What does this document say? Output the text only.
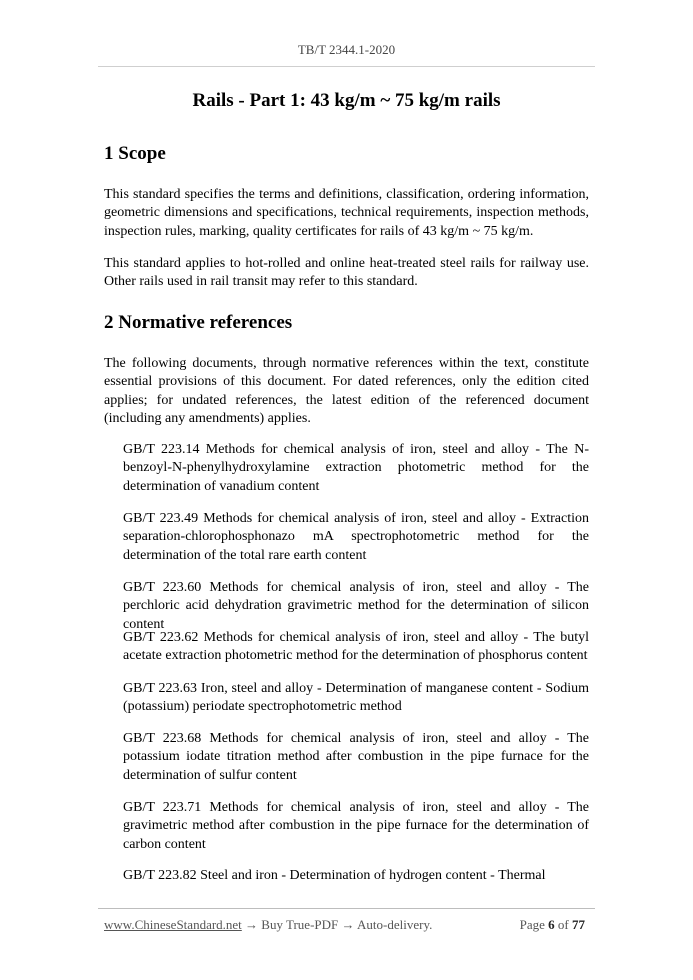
TB/T 2344.1-2020
Rails - Part 1: 43 kg/m ~ 75 kg/m rails
1 Scope
This standard specifies the terms and definitions, classification, ordering information, geometric dimensions and specifications, technical requirements, inspection methods, inspection rules, marking, quality certificates for rails of 43 kg/m ~ 75 kg/m.
This standard applies to hot-rolled and online heat-treated steel rails for railway use. Other rails used in rail transit may refer to this standard.
2 Normative references
The following documents, through normative references within the text, constitute essential provisions of this document. For dated references, only the edition cited applies; for undated references, the latest edition of the referenced document (including any amendments) applies.
GB/T 223.14 Methods for chemical analysis of iron, steel and alloy - The N-benzoyl-N-phenylhydroxylamine extraction photometric method for the determination of vanadium content
GB/T 223.49 Methods for chemical analysis of iron, steel and alloy - Extraction separation-chlorophosphonazo mA spectrophotometric method for the determination of the total rare earth content
GB/T 223.60 Methods for chemical analysis of iron, steel and alloy - The perchloric acid dehydration gravimetric method for the determination of silicon content
GB/T 223.62 Methods for chemical analysis of iron, steel and alloy - The butyl acetate extraction photometric method for the determination of phosphorus content
GB/T 223.63 Iron, steel and alloy - Determination of manganese content - Sodium (potassium) periodate spectrophotometric method
GB/T 223.68 Methods for chemical analysis of iron, steel and alloy - The potassium iodate titration method after combustion in the pipe furnace for the determination of sulfur content
GB/T 223.71 Methods for chemical analysis of iron, steel and alloy - The gravimetric method after combustion in the pipe furnace for the determination of carbon content
GB/T 223.82 Steel and iron - Determination of hydrogen content - Thermal
www.ChineseStandard.net → Buy True-PDF → Auto-delivery.	Page 6 of 77
